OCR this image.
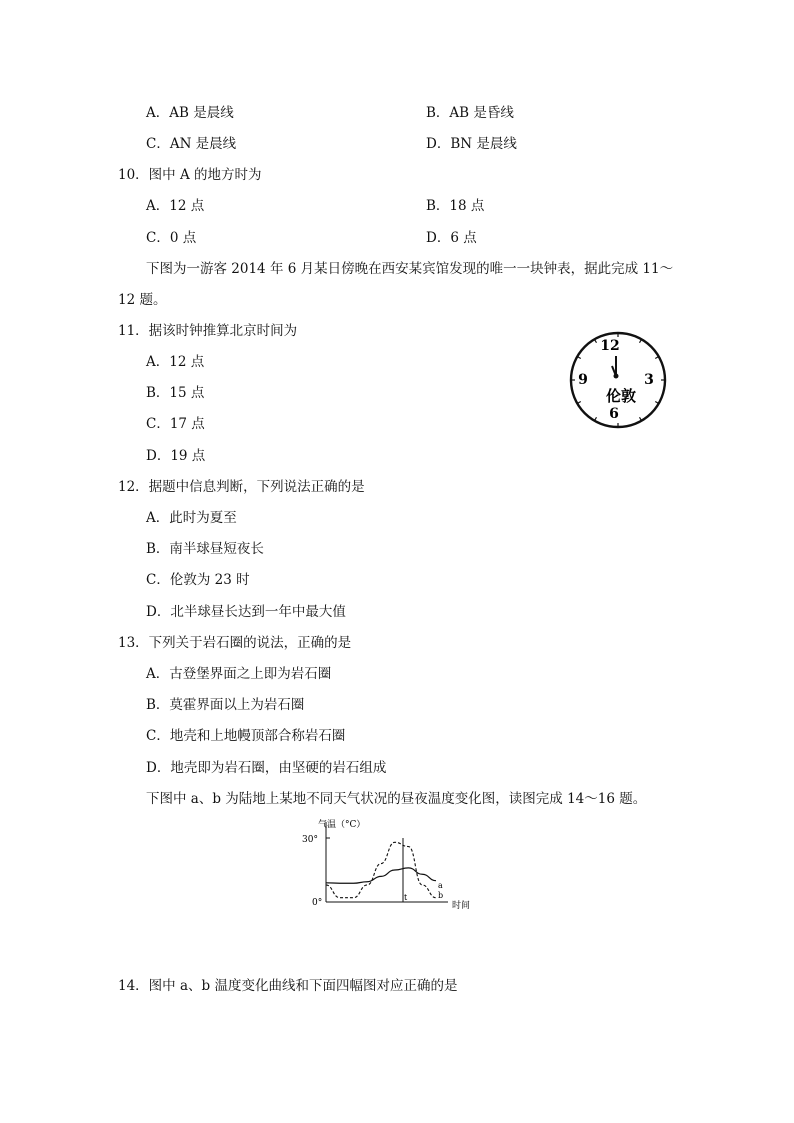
A．AB 是晨线	B．AB 是昏线
C．AN 是晨线	D．BN 是晨线
10．图中 A 的地方时为
A．12 点	B．18 点
C．0 点	D．6 点
下图为一游客 2014 年 6 月某日傍晚在西安某宾馆发现的唯一一块钟表，据此完成 11～
12 题。
11．据该时钟推算北京时间为
A．12 点
B．15 点
C．17 点
D．19 点
12
3
6
9
伦敦
12．据题中信息判断，下列说法正确的是
A．此时为夏至
B．南半球昼短夜长
C．伦敦为 23 时
D．北半球昼长达到一年中最大值
13．下列关于岩石圈的说法，正确的是
A．古登堡界面之上即为岩石圈
B．莫霍界面以上为岩石圈
C．地壳和上地幔顶部合称岩石圈
D．地壳即为岩石圈，由坚硬的岩石组成
下图中 a、b 为陆地上某地不同天气状况的昼夜温度变化图，读图完成 14～16 题。
气温（°C）
30°
0°
t
a
b
时间
14．图中 a、b 温度变化曲线和下面四幅图对应正确的是
